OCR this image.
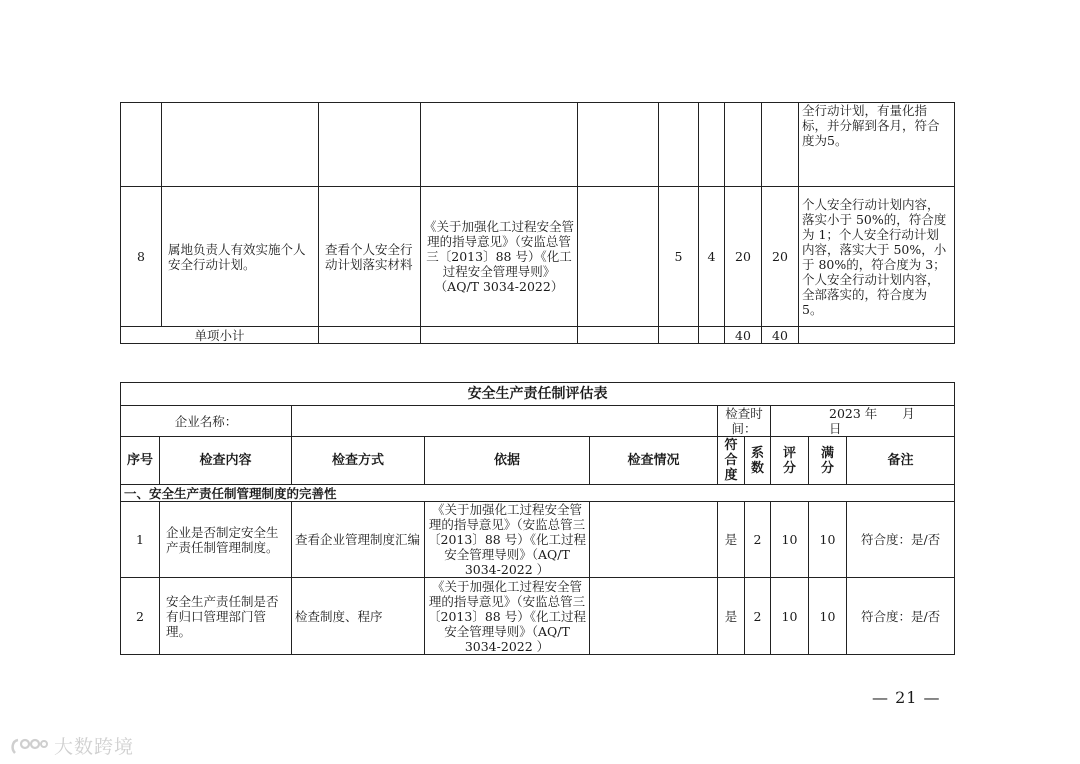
									全行动计划，有量化指标，并分解到各月，符合度为5。
8	属地负责人有效实施个人安全行动计划。	查看个人安全行动计划落实材料	《关于加强化工过程安全管理的指导意见》（安监总管三〔2013〕88 号）《化工过程安全管理导则》（AQ/T 3034-2022）		5	4	20	20	个人安全行动计划内容，落实小于 50%的，符合度为 1；个人安全行动计划内容，落实大于 50%，小于 80%的，符合度为 3；个人安全行动计划内容，全部落实的，符合度为 5。
单项小计							40	40	
安全生产责任制评估表									
企业名称：					检查时间：		2023 年　　月　　日		
序号	检查内容	检查方式	依据	检查情况	符合度	系数	评分	满分	备注
一、安全生产责任制管理制度的完善性									
1	企业是否制定安全生产责任制管理制度。	查看企业管理制度汇编	《关于加强化工过程安全管理的指导意见》（安监总管三〔2013〕88 号）《化工过程安全管理导则》（AQ/T 3034-2022 ）		是	2	10	10	符合度：是/否
2	安全生产责任制是否有归口管理部门管理。	检查制度、程序	《关于加强化工过程安全管理的指导意见》（安监总管三〔2013〕88 号）《化工过程安全管理导则》（AQ/T 3034-2022 ）		是	2	10	10	符合度：是/否
— 21 —
大数跨境
